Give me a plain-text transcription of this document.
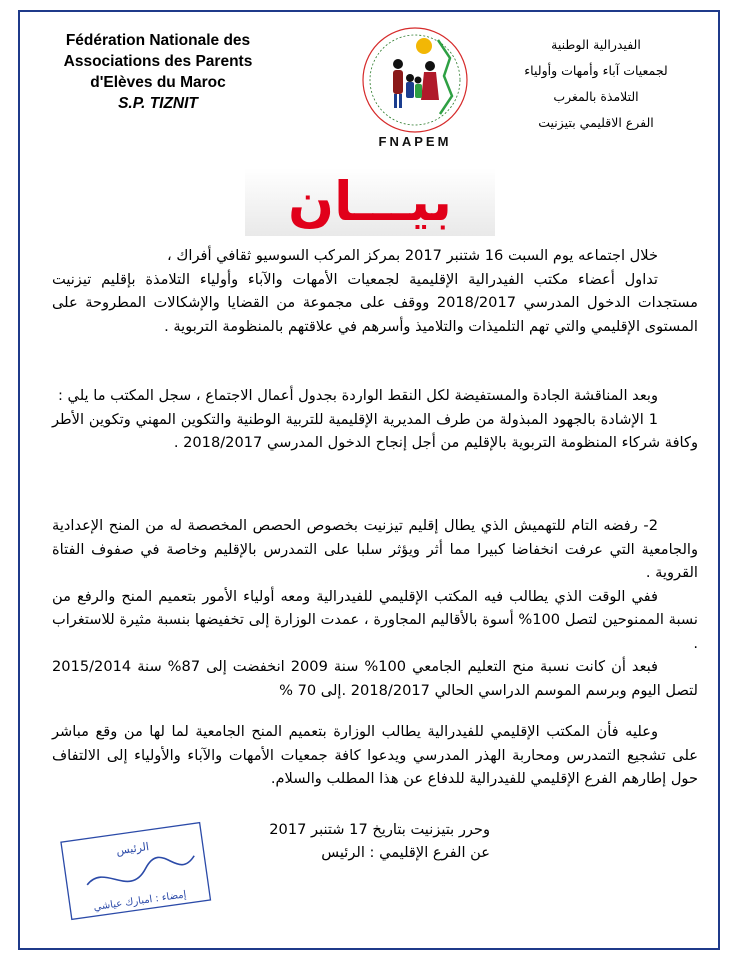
Fédération Nationale des
Associations des Parents
d'Elèves du Maroc
S.P. TIZNIT
الفيدرالية الوطنية
لجمعيات آباء وأمهات وأولياء
التلامذة بالمغرب
الفرع الاقليمي بتيزنيت
FNAPEM
بيـــان

خلال اجتماعه يوم السبت 16 شتنبر 2017 بمركز المركب السوسيو ثقافي أفراك ،

تداول أعضاء مكتب الفيدرالية الإقليمية لجمعيات الأمهات والآباء وأولياء التلامذة بإقليم تيزنيت مستجدات الدخول المدرسي 2018/2017 ووقف على مجموعة من القضايا والإشكالات المطروحة على المستوى الإقليمي والتي تهم التلميذات والتلاميذ وأسرهم في علاقتهم بالمنظومة التربوية .

وبعد المناقشة الجادة والمستفيضة لكل النقط الواردة بجدول أعمال الاجتماع ، سجل المكتب ما يلي :

1 الإشادة بالجهود المبذولة من طرف المديرية الإقليمية للتربية الوطنية والتكوين المهني وتكوين الأطر وكافة شركاء المنظومة التربوية بالإقليم من أجل إنجاح الدخول المدرسي 2018/2017 .

2- رفضه التام للتهميش الذي يطال إقليم تيزنيت بخصوص الحصص المخصصة له من المنح الإعدادية والجامعية التي عرفت انخفاضا كبيرا مما أثر ويؤثر سلبا على التمدرس بالإقليم وخاصة في صفوف الفتاة القروية .

ففي الوقت الذي يطالب فيه المكتب الإقليمي للفيدرالية ومعه أولياء الأمور بتعميم المنح والرفع من نسبة الممنوحين لتصل 100% أسوة بالأقاليم المجاورة ، عمدت الوزارة إلى تخفيضها بنسبة مثيرة للاستغراب .

فبعد أن كانت نسبة منح التعليم الجامعي 100% سنة 2009 انخفضت إلى 87% سنة 2015/2014 لتصل اليوم وبرسم الموسم الدراسي الحالي 2018/2017 .إلى 70 %

وعليه فأن المكتب الإقليمي للفيدرالية يطالب الوزارة بتعميم المنح الجامعية لما لها من وقع مباشر على تشجيع التمدرس ومحاربة الهذر المدرسي ويدعوا كافة جمعيات الأمهات والآباء والأولياء إلى الالتفاف حول إطارهم الفرع الإقليمي للفيدرالية للدفاع عن هذا المطلب والسلام.

وحرر بتيزنيت بتاريخ 17 شتنبر 2017
عن الفرع الإقليمي : الرئيس
الرئيس
إمضاء : امبارك عياشي
